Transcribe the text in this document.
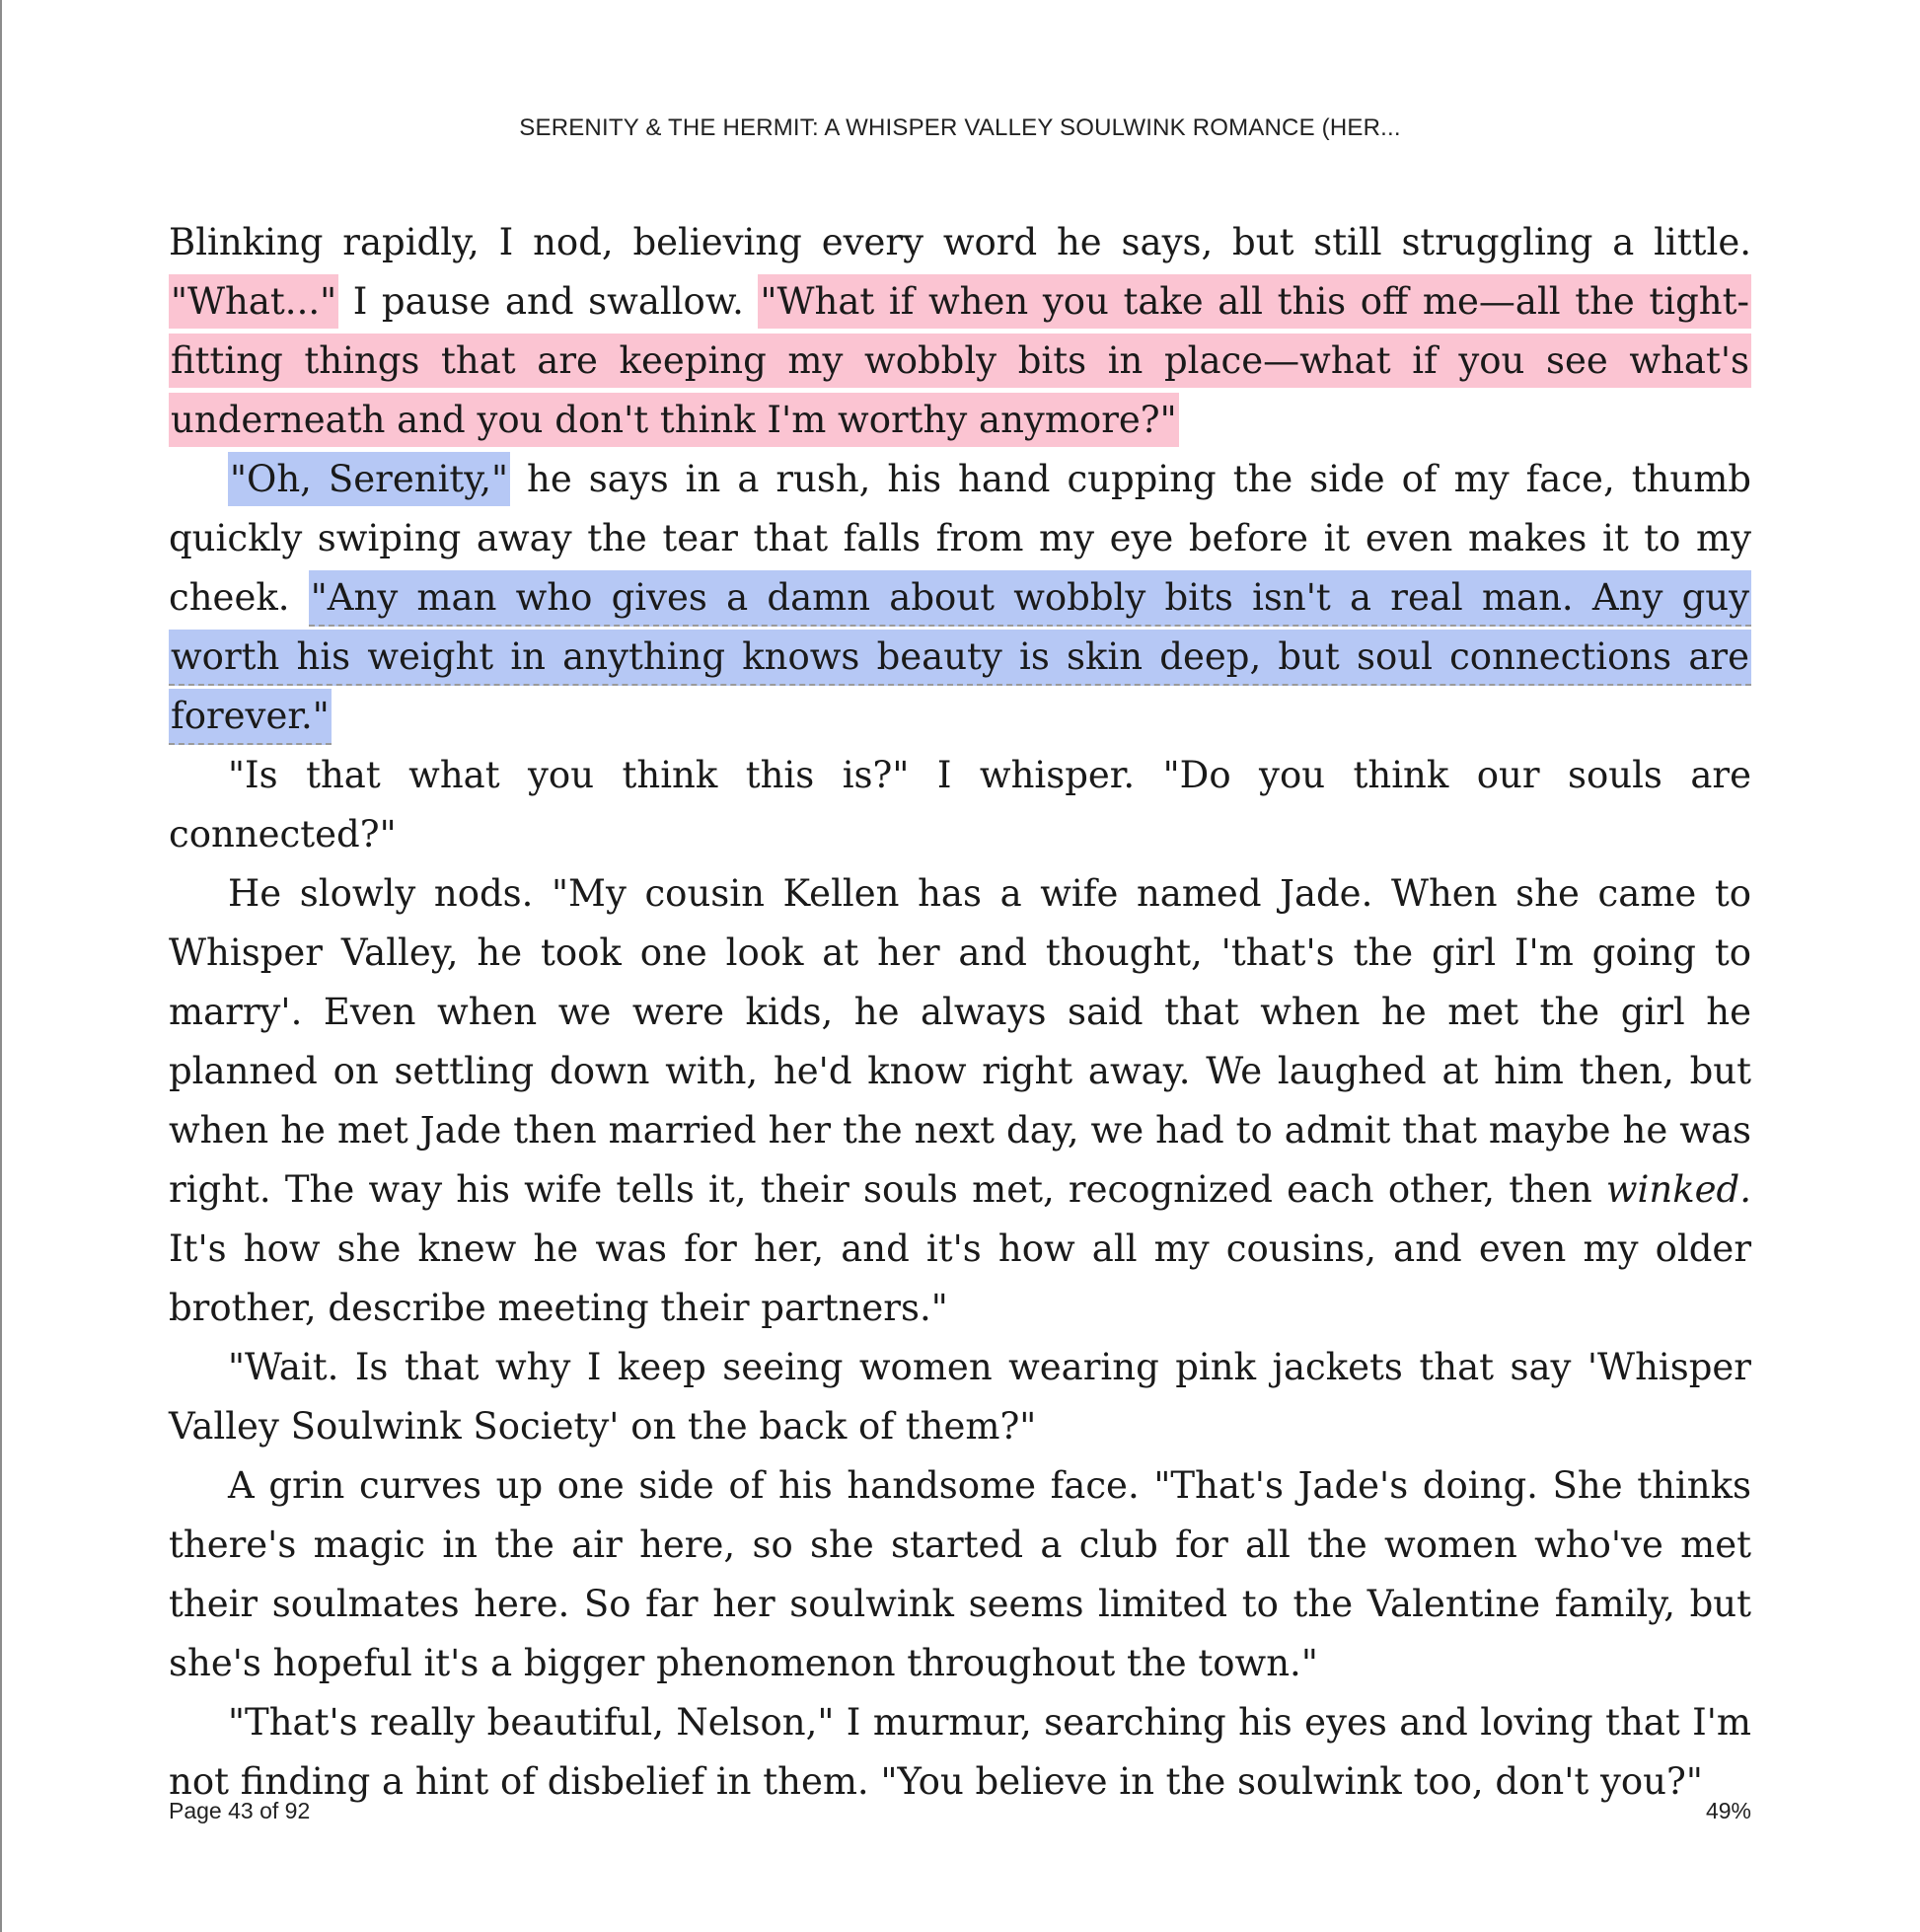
SERENITY & THE HERMIT: A WHISPER VALLEY SOULWINK ROMANCE (HER...

Blinking rapidly, I nod, believing every word he says, but still struggling a little. "What..." I pause and swallow. "What if when you take all this off me—all the tight-fitting things that are keeping my wobbly bits in place—what if you see what's underneath and you don't think I'm worthy anymore?"

"Oh, Serenity," he says in a rush, his hand cupping the side of my face, thumb quickly swiping away the tear that falls from my eye before it even makes it to my cheek. "Any man who gives a damn about wobbly bits isn't a real man. Any guy worth his weight in anything knows beauty is skin deep, but soul connections are forever."

"Is that what you think this is?" I whisper. "Do you think our souls are connected?"

He slowly nods. "My cousin Kellen has a wife named Jade. When she came to Whisper Valley, he took one look at her and thought, 'that's the girl I'm going to marry'. Even when we were kids, he always said that when he met the girl he planned on settling down with, he'd know right away. We laughed at him then, but when he met Jade then married her the next day, we had to admit that maybe he was right. The way his wife tells it, their souls met, recognized each other, then winked. It's how she knew he was for her, and it's how all my cousins, and even my older brother, describe meeting their partners."

"Wait. Is that why I keep seeing women wearing pink jackets that say 'Whisper Valley Soulwink Society' on the back of them?"

A grin curves up one side of his handsome face. "That's Jade's doing. She thinks there's magic in the air here, so she started a club for all the women who've met their soulmates here. So far her soulwink seems limited to the Valentine family, but she's hopeful it's a bigger phenomenon throughout the town."

"That's really beautiful, Nelson," I murmur, searching his eyes and loving that I'm not finding a hint of disbelief in them. "You believe in the soulwink too, don't you?"

Page 43 of 92	49%
